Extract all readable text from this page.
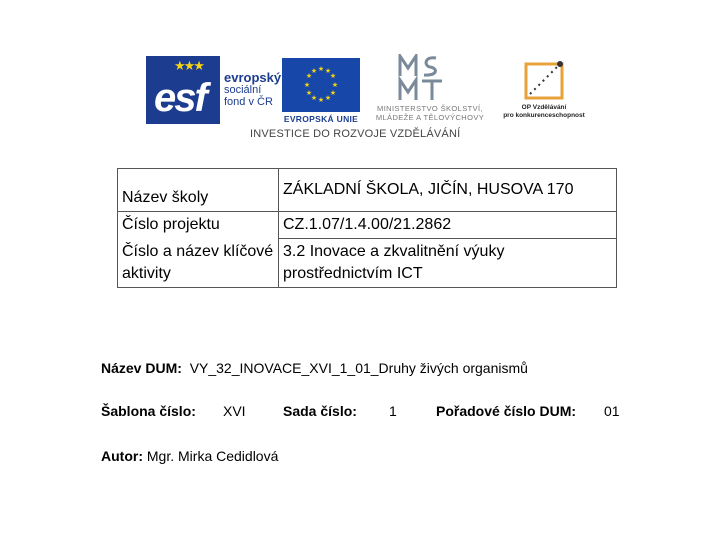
★★★
esf evropský
sociální
fond v ČR
★ ★
★
★
★
★
★
★
★
★
★
★
EVROPSKÁ UNIE
MINISTERSTVO ŠKOLSTVÍ,
MLÁDEŽE A TĚLOVÝCHOVY
OP Vzdělávání
pro konkurenceschopnost
INVESTICE DO ROZVOJE VZDĚLÁVÁNÍ
Název školy	ZÁKLADNÍ ŠKOLA, JIČÍN, HUSOVA 170
Číslo projektu	CZ.1.07/1.4.00/21.2862
Číslo a název klíčové aktivity	3.2 Inovace a zkvalitnění výuky prostřednictvím ICT
Název DUM: VY_32_INOVACE_XVI_1_01_Druhy živých organismů
Šablona číslo: XVI	Sada číslo: 1	Pořadové číslo DUM: 01
Autor: Mgr. Mirka Cedidlová
